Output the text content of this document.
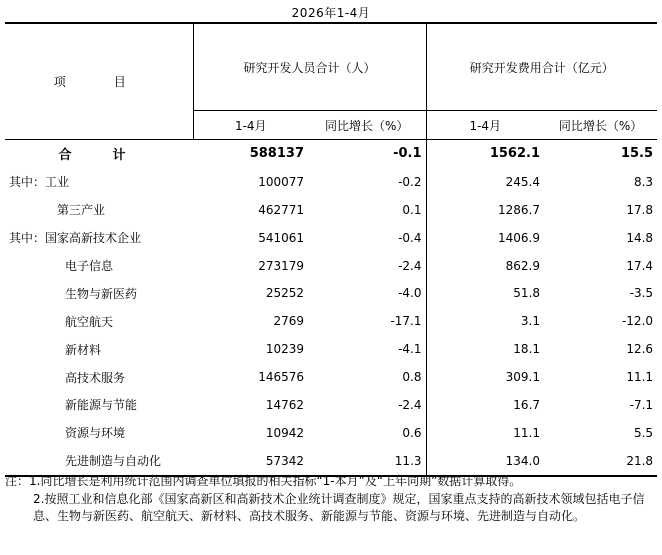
2026年1-4月
项　目	研究开发人员合计（人）		研究开发费用合计（亿元）	
	1-4月	同比增长（%）	1-4月	同比增长（%）
合　计	588137	-0.1	1562.1	15.5
其中：工业	100077	-0.2	245.4	8.3
第三产业	462771	0.1	1286.7	17.8
其中：国家高新技术企业	541061	-0.4	1406.9	14.8
电子信息	273179	-2.4	862.9	17.4
生物与新医药	25252	-4.0	51.8	-3.5
航空航天	2769	-17.1	3.1	-12.0
新材料	10239	-4.1	18.1	12.6
高技术服务	146576	0.8	309.1	11.1
新能源与节能	14762	-2.4	16.7	-7.1
资源与环境	10942	0.6	11.1	5.5
先进制造与自动化	57342	11.3	134.0	21.8

注：1.同比增长是利用统计范围内调查单位填报的相关指标“1-本月”及“上年同期”数据计算取得。

2.按照工业和信息化部《国家高新区和高新技术企业统计调查制度》规定，国家重点支持的高新技术领域包括电子信息、生物与新医药、航空航天、新材料、高技术服务、新能源与节能、资源与环境、先进制造与自动化。
